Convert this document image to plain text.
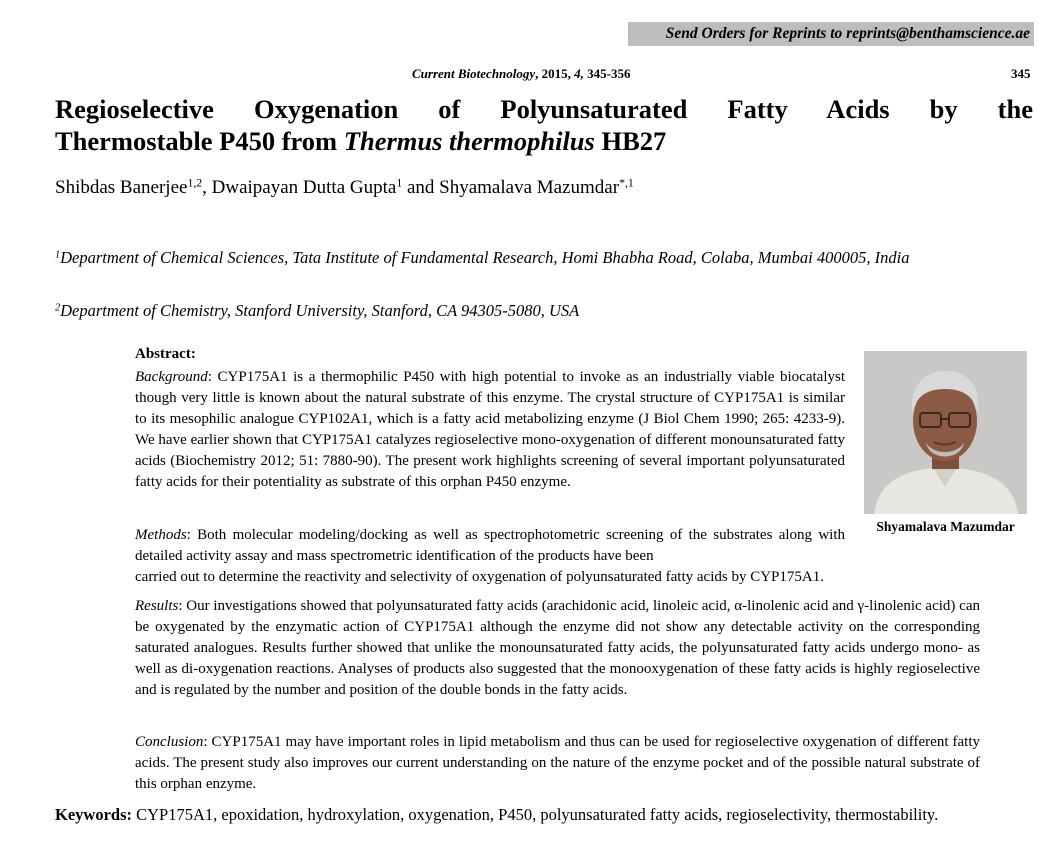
Send Orders for Reprints to reprints@benthamscience.ae
Current Biotechnology, 2015, 4, 345-356	345
Regioselective Oxygenation of Polyunsaturated Fatty Acids by the
Thermostable P450 from Thermus thermophilus HB27
Shibdas Banerjee$^{1,2}$, Dwaipayan Dutta Gupta$^1$ and Shyamalava Mazumdar$^{*,1}$
$^1$Department of Chemical Sciences, Tata Institute of Fundamental Research, Homi Bhabha Road, Colaba, Mumbai 400005, India
$^2$Department of Chemistry, Stanford University, Stanford, CA 94305-5080, USA
Abstract:
Background: CYP175A1 is a thermophilic P450 with high potential to invoke as an industrially viable biocatalyst though very little is known about the natural substrate of this enzyme. The crystal structure of CYP175A1 is similar to its mesophilic analogue CYP102A1, which is a fatty acid metabolizing enzyme (J Biol Chem 1990; 265: 4233-9). We have earlier shown that CYP175A1 catalyzes regioselective mono-oxygenation of different monounsaturated fatty acids (Biochemistry 2012; 51: 7880-90). The present work highlights screening of several important polyunsaturated fatty acids for their potentiality as substrate of this orphan P450 enzyme.
Methods: Both molecular modeling/docking as well as spectrophotometric screening of the substrates along with detailed activity assay and mass spectrometric identification of the products have been
carried out to determine the reactivity and selectivity of oxygenation of polyunsaturated fatty acids by CYP175A1.
Results: Our investigations showed that polyunsaturated fatty acids (arachidonic acid, linoleic acid, α-linolenic acid and γ-linolenic acid) can be oxygenated by the enzymatic action of CYP175A1 although the enzyme did not show any detectable activity on the corresponding saturated analogues. Results further showed that unlike the monounsaturated fatty acids, the polyunsaturated fatty acids undergo mono- as well as di-oxygenation reactions. Analyses of products also suggested that the monooxygenation of these fatty acids is highly regioselective and is regulated by the number and position of the double bonds in the fatty acids.
Conclusion: CYP175A1 may have important roles in lipid metabolism and thus can be used for regioselective oxygenation of different fatty acids. The present study also improves our current understanding on the nature of the enzyme pocket and of the possible natural substrate of this orphan enzyme.
Shyamalava Mazumdar
Keywords: CYP175A1, epoxidation, hydroxylation, oxygenation, P450, polyunsaturated fatty acids, regioselectivity, thermostability.
